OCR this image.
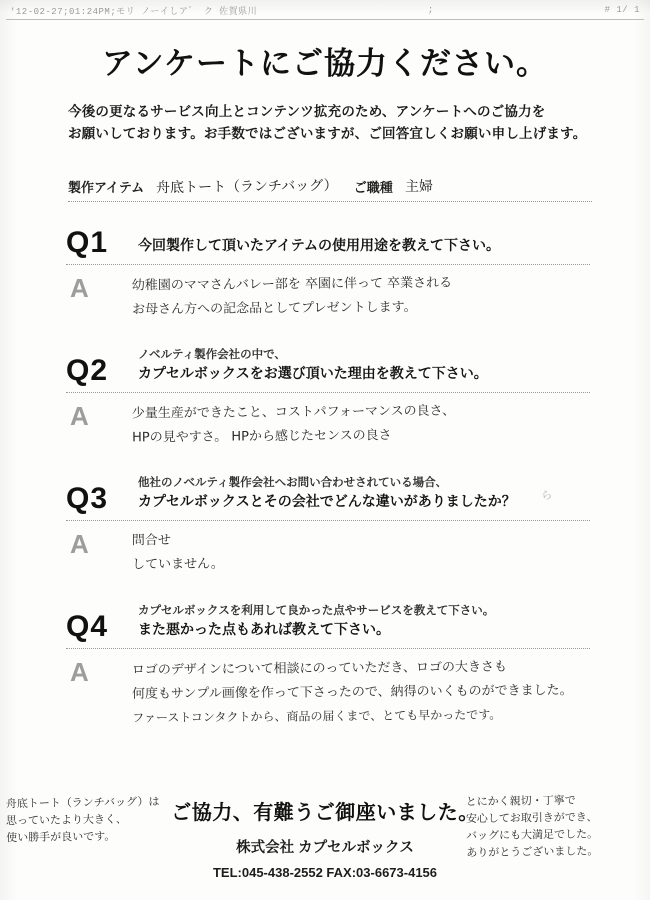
'12-02-27;01:24PM;モリ ノーイしア゛ ク 佐賀県川	;	# 1/ 1
アンケートにご協力ください。
今後の更なるサービス向上とコンテンツ拡充のため、アンケートへのご協力を
お願いしております。お手数ではございますが、ご回答宜しくお願い申し上げます。
製作アイテム 舟底トート（ランチバッグ） ご職種 主婦
Q1	今回製作して頂いたアイテムの使用用途を教えて下さい。
A	幼稚園のママさんバレー部を 卒園に伴って 卒業される
お母さん方への記念品としてプレゼントします。
Q2	ノベルティ製作会社の中で、
カプセルボックスをお選び頂いた理由を教えて下さい。
A	少量生産ができたこと、コストパフォーマンスの良さ、
HPの見やすさ。 HPから感じたセンスの良さ
ら
Q3	他社のノベルティ製作会社へお問い合わせされている場合、
カプセルボックスとその会社でどんな違いがありましたか？
A	問合せ
していません。
Q4	カプセルボックスを利用して良かった点やサービスを教えて下さい。
また悪かった点もあれば教えて下さい。
A	ロゴのデザインについて相談にのっていただき、ロゴの大きさも
何度もサンプル画像を作って下さったので、納得のいくものができました。
ファーストコンタクトから、商品の届くまで、とても早かったです。
舟底トート（ランチバッグ）は
思っていたより大きく、
使い勝手が良いです。
ご協力、有難うご御座いました。
株式会社 カプセルボックス
TEL:045-438-2552 FAX:03-6673-4156
とにかく親切・丁寧で
安心してお取引きができ、
バッグにも大満足でした。
ありがとうございました。
